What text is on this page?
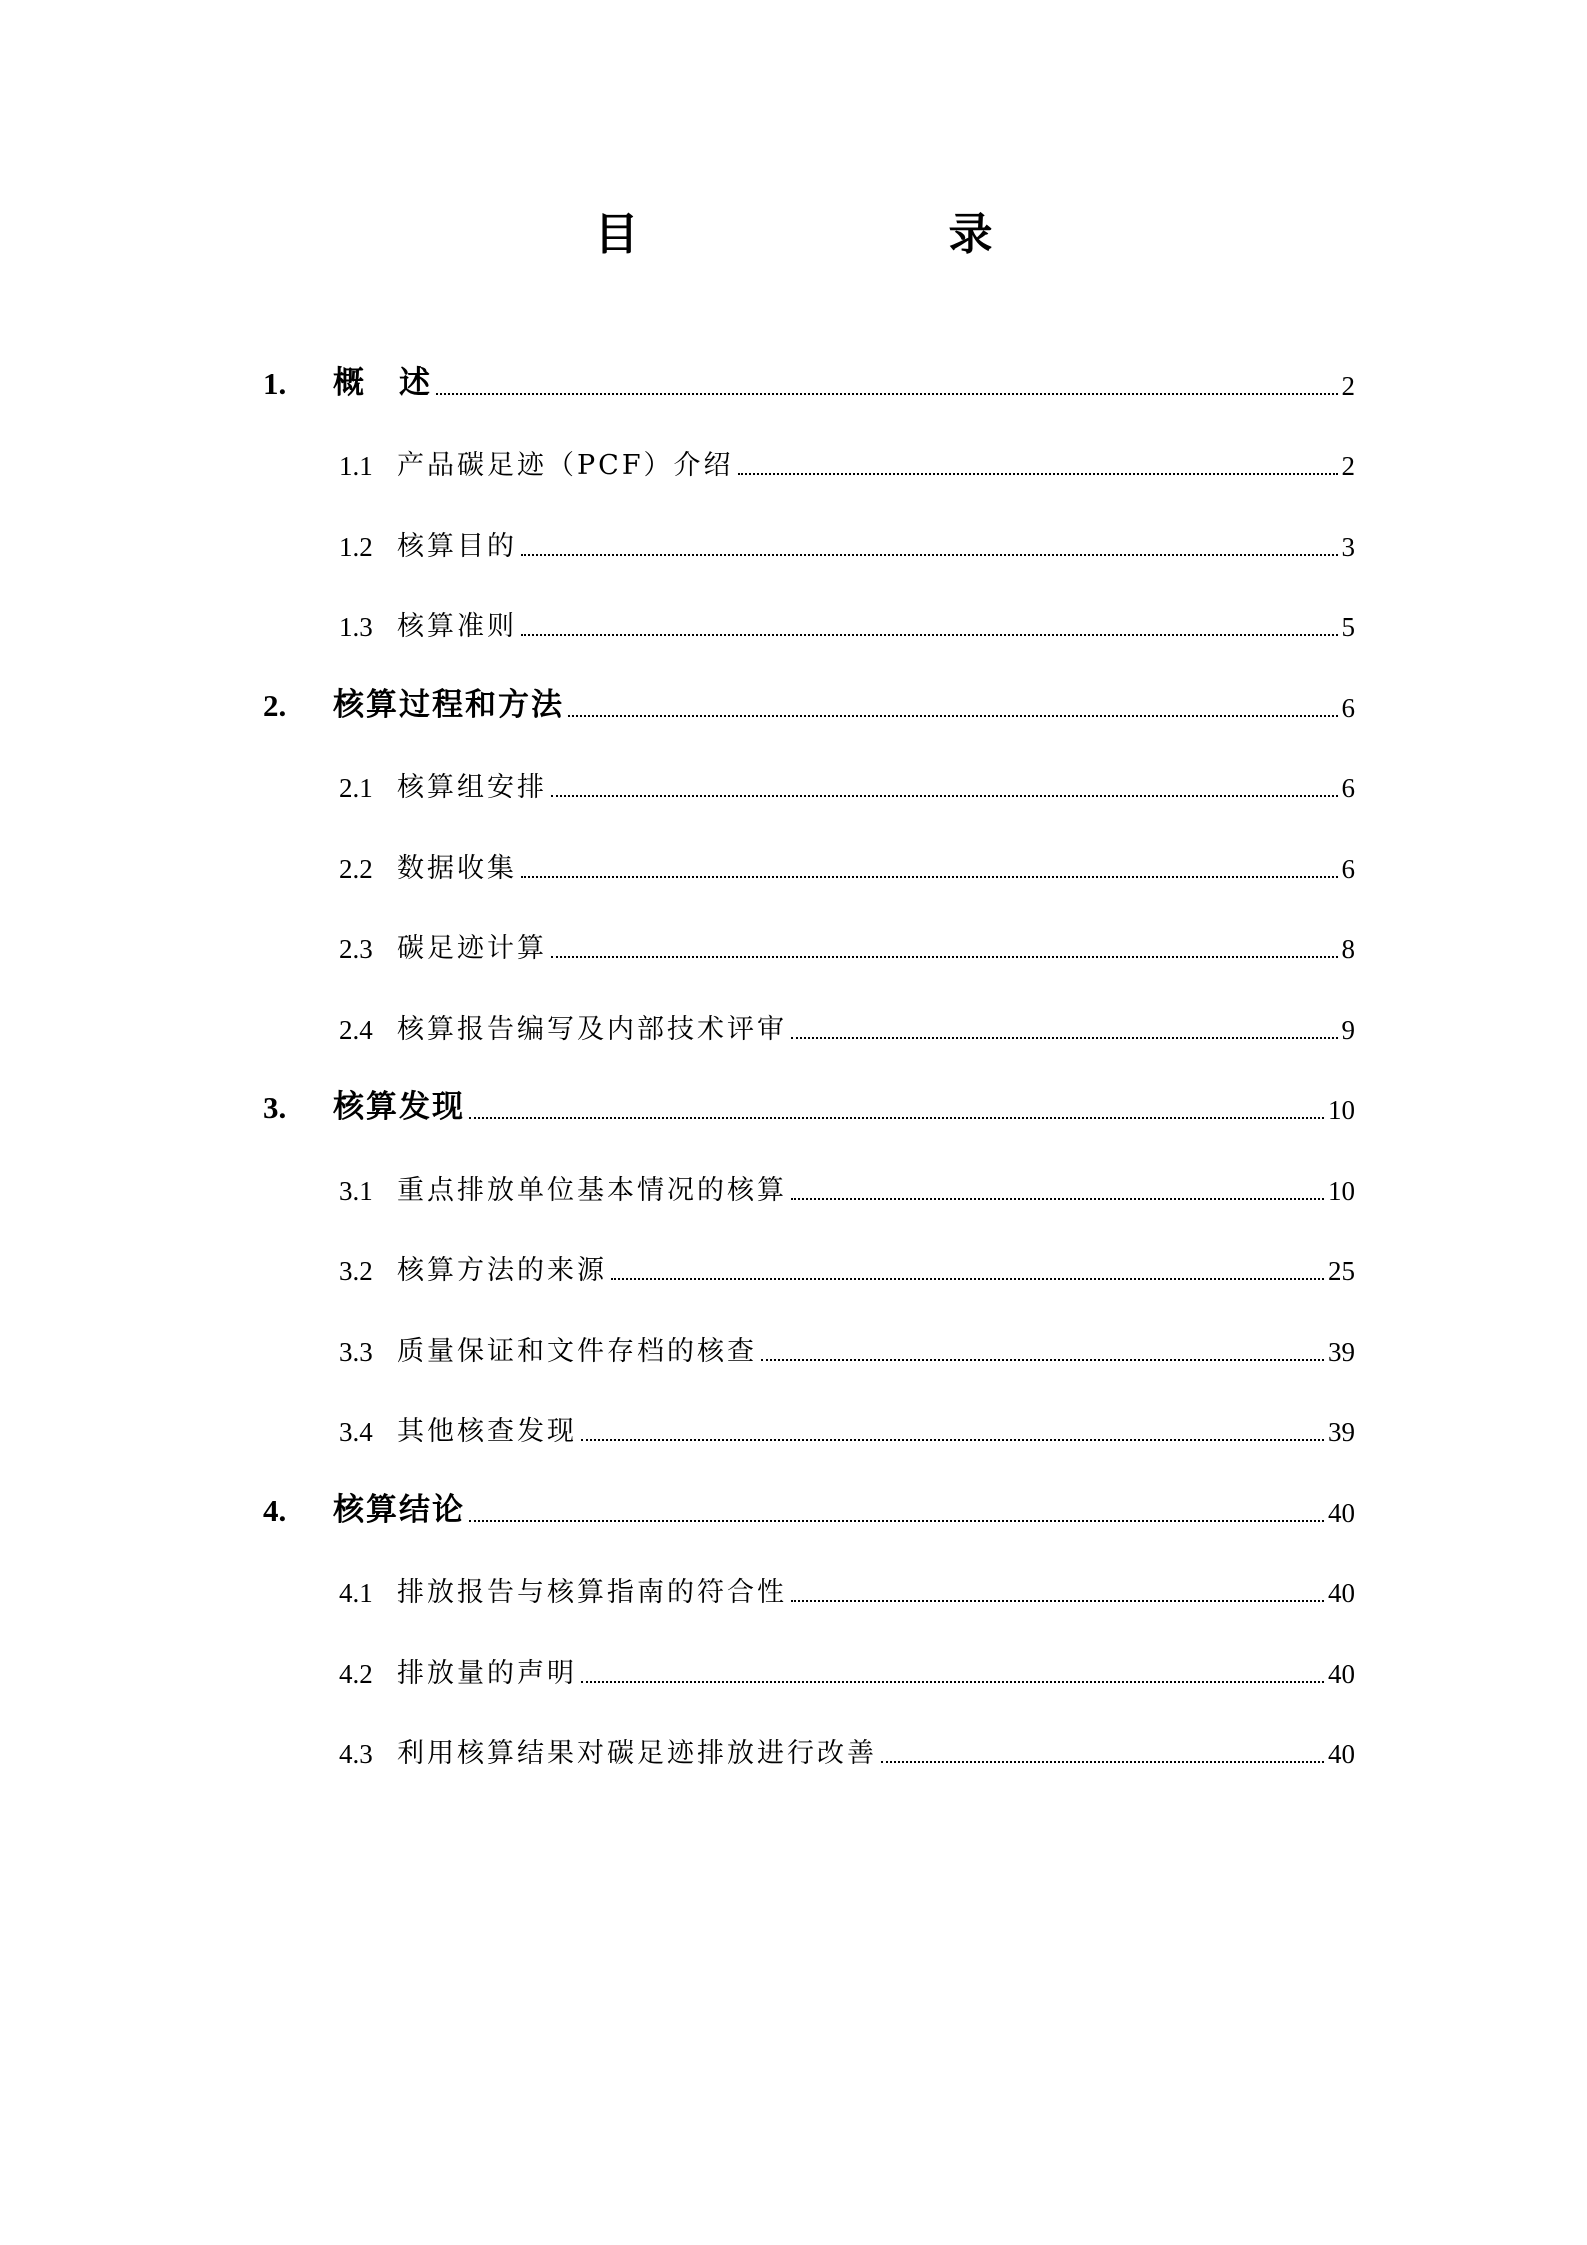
目　　录
1.	概　述	2
1.1 产品碳足迹（PCF）介绍	2
1.2 核算目的	3
1.3 核算准则	5
2.	核算过程和方法	6
2.1 核算组安排	6
2.2 数据收集	6
2.3 碳足迹计算	8
2.4 核算报告编写及内部技术评审	9
3.	核算发现	10
3.1 重点排放单位基本情况的核算	10
3.2 核算方法的来源	25
3.3 质量保证和文件存档的核查	39
3.4 其他核查发现	39
4.	核算结论	40
4.1 排放报告与核算指南的符合性	40
4.2 排放量的声明	40
4.3 利用核算结果对碳足迹排放进行改善	40
